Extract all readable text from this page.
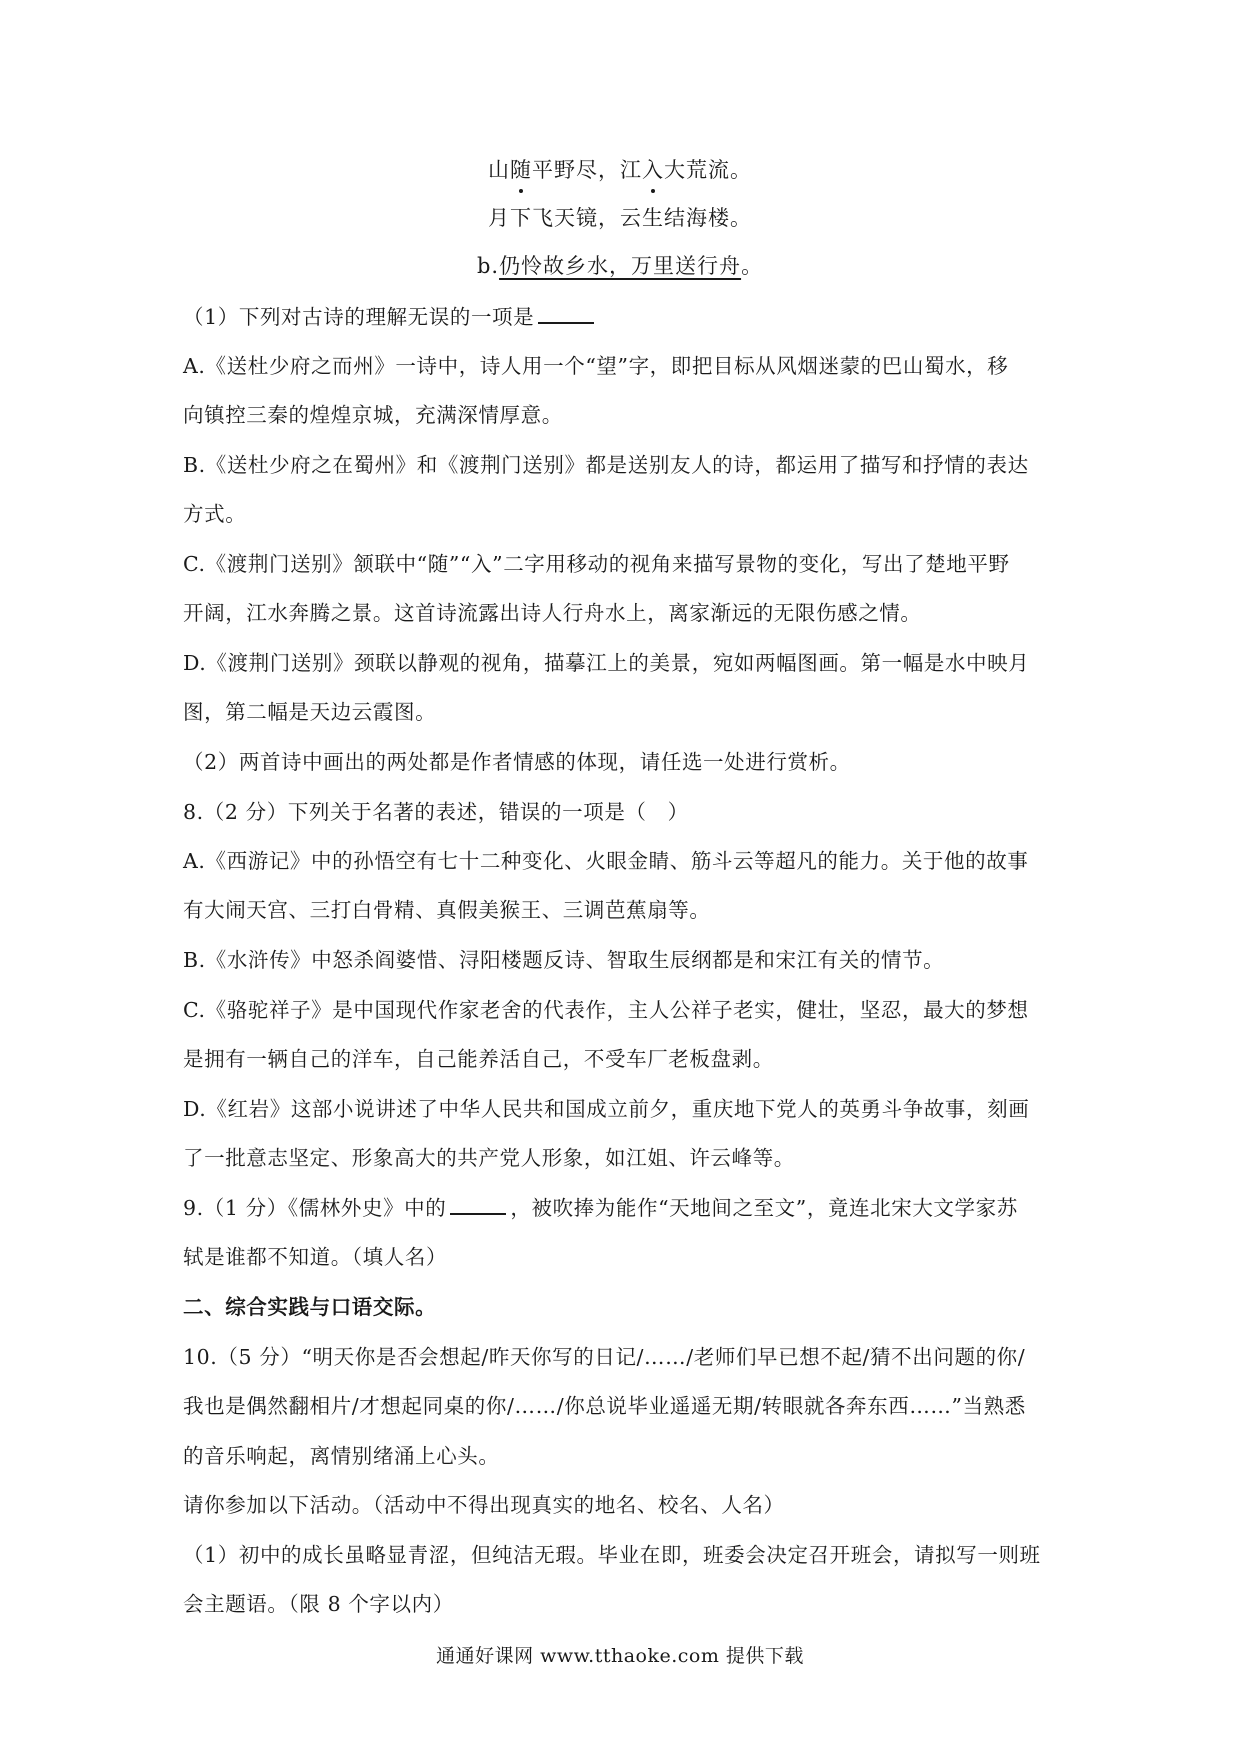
山随平野尽，江入大荒流。
月下飞天镜，云生结海楼。
b.仍怜故乡水，万里送行舟。
（1）下列对古诗的理解无误的一项是
A.《送杜少府之而州》一诗中，诗人用一个“望”字，即把目标从风烟迷蒙的巴山蜀水，移
向镇控三秦的煌煌京城，充满深情厚意。
B.《送杜少府之在蜀州》和《渡荆门送别》都是送别友人的诗，都运用了描写和抒情的表达
方式。
C.《渡荆门送别》颔联中“随”“入”二字用移动的视角来描写景物的变化，写出了楚地平野
开阔，江水奔腾之景。这首诗流露出诗人行舟水上，离家渐远的无限伤感之情。
D.《渡荆门送别》颈联以静观的视角，描摹江上的美景，宛如两幅图画。第一幅是水中映月
图，第二幅是天边云霞图。
（2）两首诗中画出的两处都是作者情感的体现，请任选一处进行赏析。
8.（2 分）下列关于名著的表述，错误的一项是（　）
A.《西游记》中的孙悟空有七十二种变化、火眼金睛、筋斗云等超凡的能力。关于他的故事
有大闹天宫、三打白骨精、真假美猴王、三调芭蕉扇等。
B.《水浒传》中怒杀阎婆惜、浔阳楼题反诗、智取生辰纲都是和宋江有关的情节。
C.《骆驼祥子》是中国现代作家老舍的代表作，主人公祥子老实，健壮，坚忍，最大的梦想
是拥有一辆自己的洋车，自己能养活自己，不受车厂老板盘剥。
D.《红岩》这部小说讲述了中华人民共和国成立前夕，重庆地下党人的英勇斗争故事，刻画
了一批意志坚定、形象高大的共产党人形象，如江姐、许云峰等。
9.（1 分）《儒林外史》中的	，被吹捧为能作“天地间之至文”，竟连北宋大文学家苏
轼是谁都不知道。（填人名）
二、综合实践与口语交际。
10.（5 分）“明天你是否会想起/昨天你写的日记/……/老师们早已想不起/猜不出问题的你/
我也是偶然翻相片/才想起同桌的你/……/你总说毕业遥遥无期/转眼就各奔东西……”当熟悉
的音乐响起，离情别绪涌上心头。
请你参加以下活动。（活动中不得出现真实的地名、校名、人名）
（1）初中的成长虽略显青涩，但纯洁无瑕。毕业在即，班委会决定召开班会，请拟写一则班
会主题语。（限 8 个字以内）
通通好课网 www.tthaoke.com 提供下载
